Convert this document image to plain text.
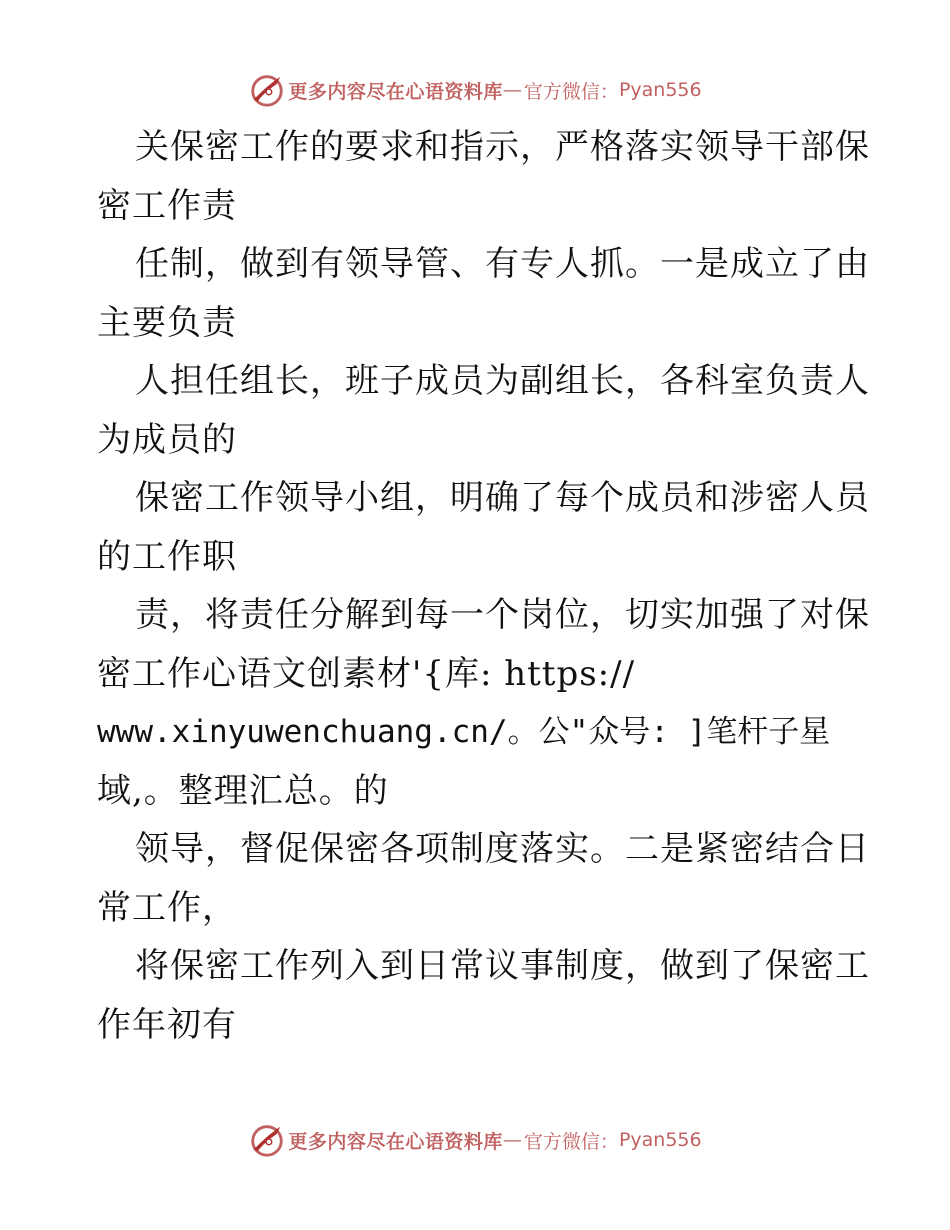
更多内容尽在心语资料库 — 官方微信： Pyan556

关保密工作的要求和指示，严格落实领导干部保

密工作责

任制，做到有领导管、有专人抓。一是成立了由

主要负责

人担任组长，班子成员为副组长，各科室负责人

为成员的

保密工作领导小组，明确了每个成员和涉密人员

的工作职

责，将责任分解到每一个岗位，切实加强了对保

密工作心语文创素材'{库: https://

www.xinyuwenchuang.cn/。公"众号: ]笔杆子星

域,。整理汇总。的

领导，督促保密各项制度落实。二是紧密结合日

常工作，

将保密工作列入到日常议事制度，做到了保密工

作年初有

更多内容尽在心语资料库 — 官方微信： Pyan556
